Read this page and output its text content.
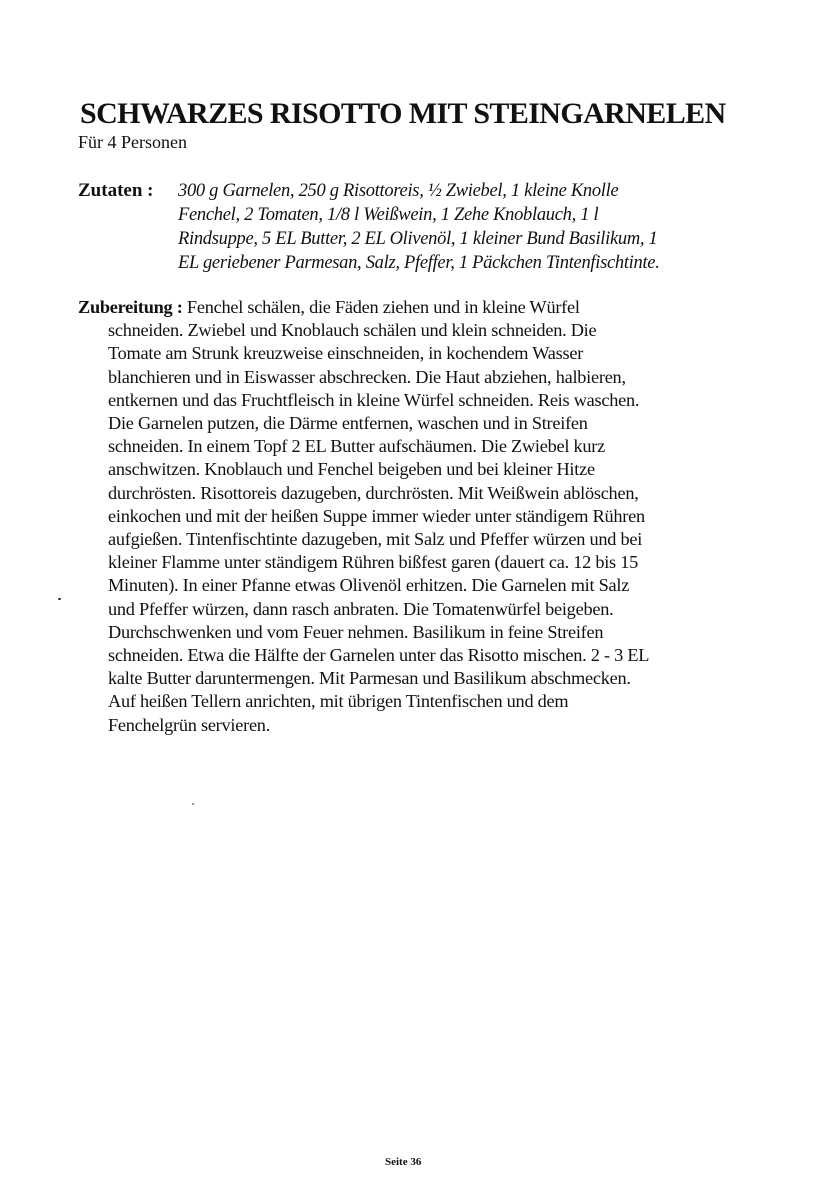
SCHWARZES RISOTTO MIT STEINGARNELEN
Für 4 Personen
Zutaten : 300 g Garnelen, 250 g Risottoreis, ½ Zwiebel, 1 kleine Knolle
Fenchel, 2 Tomaten, 1/8 l Weißwein, 1 Zehe Knoblauch, 1 l
Rindsuppe, 5 EL Butter, 2 EL Olivenöl, 1 kleiner Bund Basilikum, 1
EL geriebener Parmesan, Salz, Pfeffer, 1 Päckchen Tintenfischtinte.
Zubereitung : Fenchel schälen, die Fäden ziehen und in kleine Würfel
schneiden. Zwiebel und Knoblauch schälen und klein schneiden. Die
Tomate am Strunk kreuzweise einschneiden, in kochendem Wasser
blanchieren und in Eiswasser abschrecken. Die Haut abziehen, halbieren,
entkernen und das Fruchtfleisch in kleine Würfel schneiden. Reis waschen.
Die Garnelen putzen, die Därme entfernen, waschen und in Streifen
schneiden. In einem Topf 2 EL Butter aufschäumen. Die Zwiebel kurz
anschwitzen. Knoblauch und Fenchel beigeben und bei kleiner Hitze
durchrösten. Risottoreis dazugeben, durchrösten. Mit Weißwein ablöschen,
einkochen und mit der heißen Suppe immer wieder unter ständigem Rühren
aufgießen. Tintenfischtinte dazugeben, mit Salz und Pfeffer würzen und bei
kleiner Flamme unter ständigem Rühren bißfest garen (dauert ca. 12 bis 15
Minuten). In einer Pfanne etwas Olivenöl erhitzen. Die Garnelen mit Salz
und Pfeffer würzen, dann rasch anbraten. Die Tomatenwürfel beigeben.
Durchschwenken und vom Feuer nehmen. Basilikum in feine Streifen
schneiden. Etwa die Hälfte der Garnelen unter das Risotto mischen. 2 - 3 EL
kalte Butter daruntermengen. Mit Parmesan und Basilikum abschmecken.
Auf heißen Tellern anrichten, mit übrigen Tintenfischen und dem
Fenchelgrün servieren.
Seite 36
